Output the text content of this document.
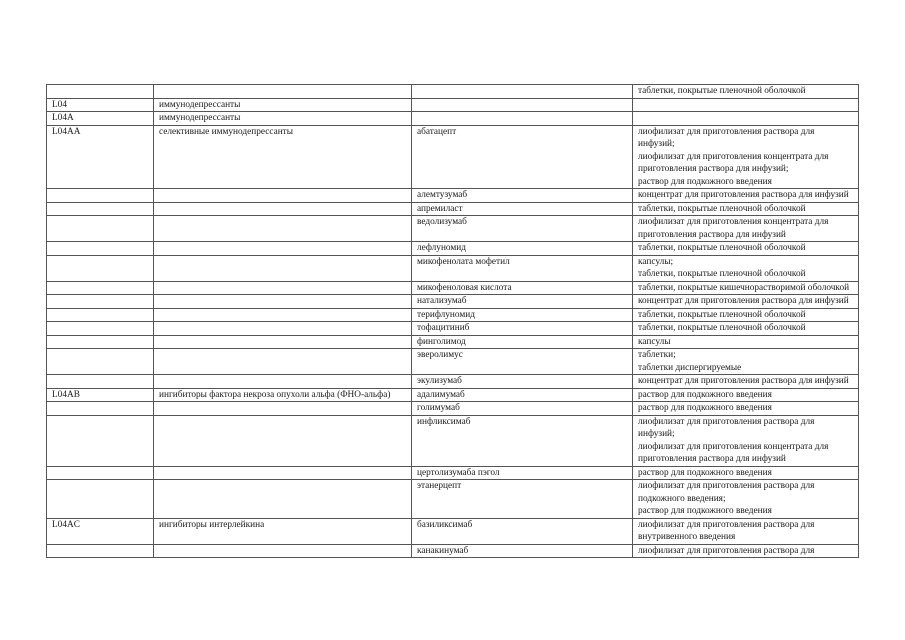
			таблетки, покрытые пленочной оболочкой
L04	иммунодепрессанты		
L04A	иммунодепрессанты		
L04AA	селективные иммунодепрессанты	абатацепт	лиофилизат для приготовления раствора для инфузий;
лиофилизат для приготовления концентрата для приготовления раствора для инфузий;
раствор для подкожного введения
		алемтузумаб	концентрат для приготовления раствора для инфузий
		апремиласт	таблетки, покрытые пленочной оболочкой
		ведолизумаб	лиофилизат для приготовления концентрата для приготовления раствора для инфузий
		лефлуномид	таблетки, покрытые пленочной оболочкой
		микофенолата мофетил	капсулы;
таблетки, покрытые пленочной оболочкой
		микофеноловая кислота	таблетки, покрытые кишечнорастворимой оболочкой
		натализумаб	концентрат для приготовления раствора для инфузий
		терифлуномид	таблетки, покрытые пленочной оболочкой
		тофацитиниб	таблетки, покрытые пленочной оболочкой
		финголимод	капсулы
		эверолимус	таблетки;
таблетки диспергируемые
		экулизумаб	концентрат для приготовления раствора для инфузий
L04AB	ингибиторы фактора некроза опухоли альфа (ФНО-альфа)	адалимумаб	раствор для подкожного введения
		голимумаб	раствор для подкожного введения
		инфликсимаб	лиофилизат для приготовления раствора для инфузий;
лиофилизат для приготовления концентрата для приготовления раствора для инфузий
		цертолизумаба пэгол	раствор для подкожного введения
		этанерцепт	лиофилизат для приготовления раствора для подкожного введения;
раствор для подкожного введения
L04AC	ингибиторы интерлейкина	базиликсимаб	лиофилизат для приготовления раствора для внутривенного введения
		канакинумаб	лиофилизат для приготовления раствора для
